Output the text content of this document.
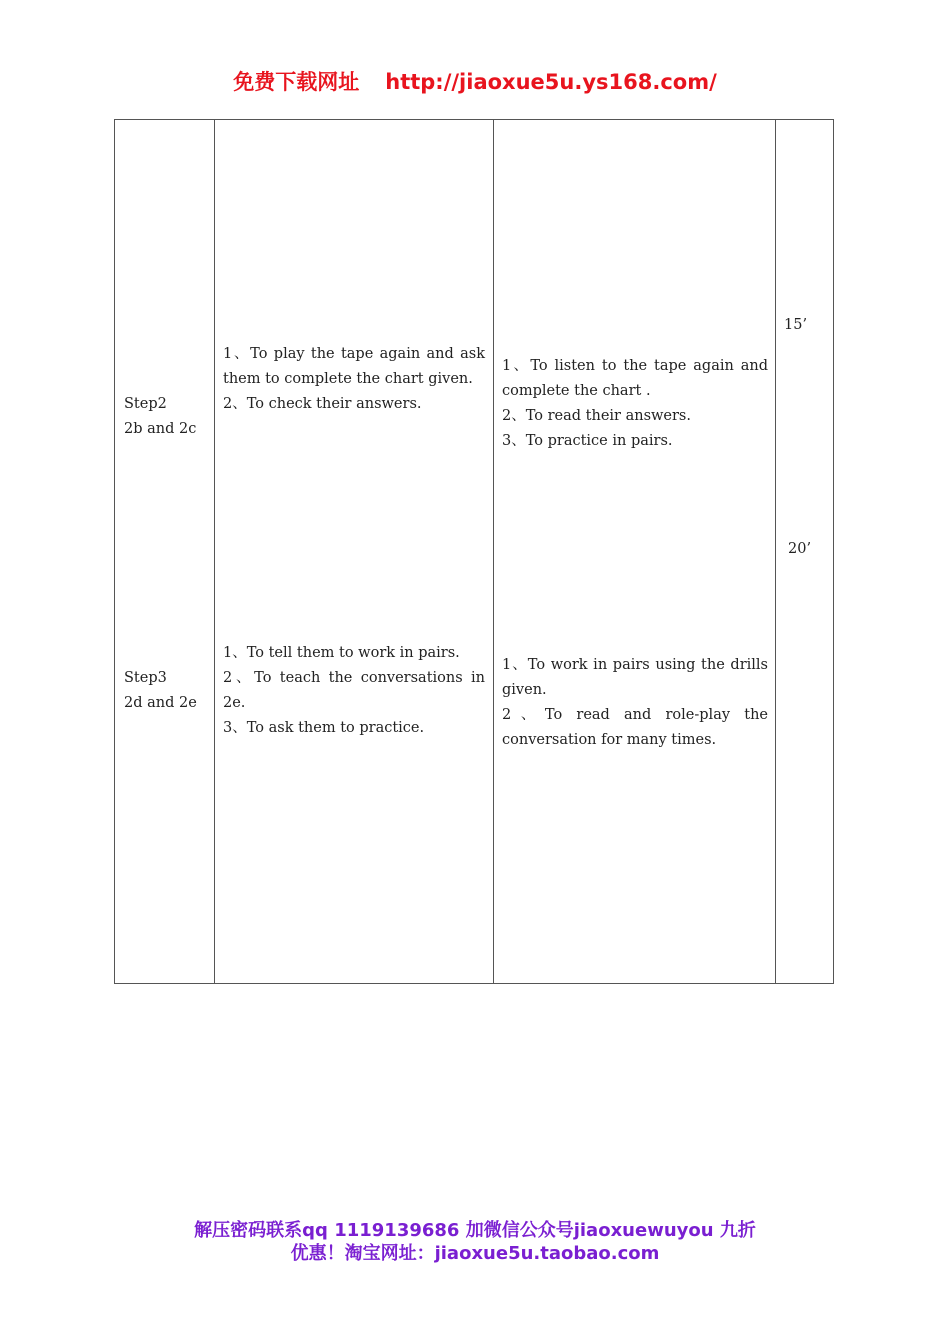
免费下载网址 http://jiaoxue5u.ys168.com/
Step2
2b and 2c
1、To play the tape again and ask them to complete the chart given.
2、To check their answers.
1、To listen to the tape again and complete the chart .
2、To read their answers.
3、To practice in pairs.
15’
Step3
2d and 2e
1、To tell them to work in pairs.
2、To teach the conversations in 2e.
3、To ask them to practice.
1、To work in pairs using the drills given.
2、To read and role-play the conversation for many times.
20’
解压密码联系qq 1119139686 加微信公众号jiaoxuewuyou 九折
优惠！淘宝网址：jiaoxue5u.taobao.com
